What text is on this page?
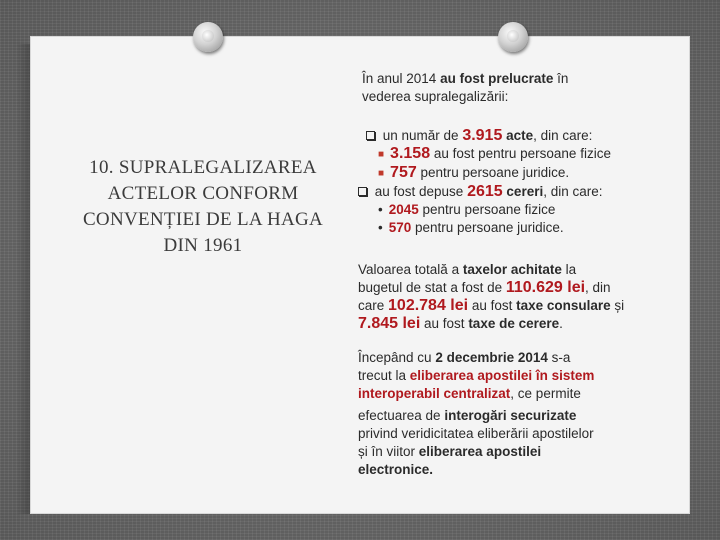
10. SUPRALEGALIZAREA
ACTELOR CONFORM
CONVENȚIEI DE LA HAGA
DIN 1961
În anul 2014 au fost prelucrate în
vederea supralegalizării:
un număr de 3.915 acte, din care:
■ 3.158 au fost pentru persoane fizice
■ 757 pentru persoane juridice.
au fost depuse 2615 cereri, din care:
• 2045 pentru persoane fizice
• 570 pentru persoane juridice.
Valoarea totală a taxelor achitate la
bugetul de stat a fost de 110.629 lei, din
care 102.784 lei au fost taxe consulare și
7.845 lei au fost taxe de cerere.
Începând cu 2 decembrie 2014 s-a
trecut la eliberarea apostilei în sistem
interoperabil centralizat, ce permite
efectuarea de interogări securizate
privind veridicitatea eliberării apostilelor
și în viitor eliberarea apostilei
electronice.
